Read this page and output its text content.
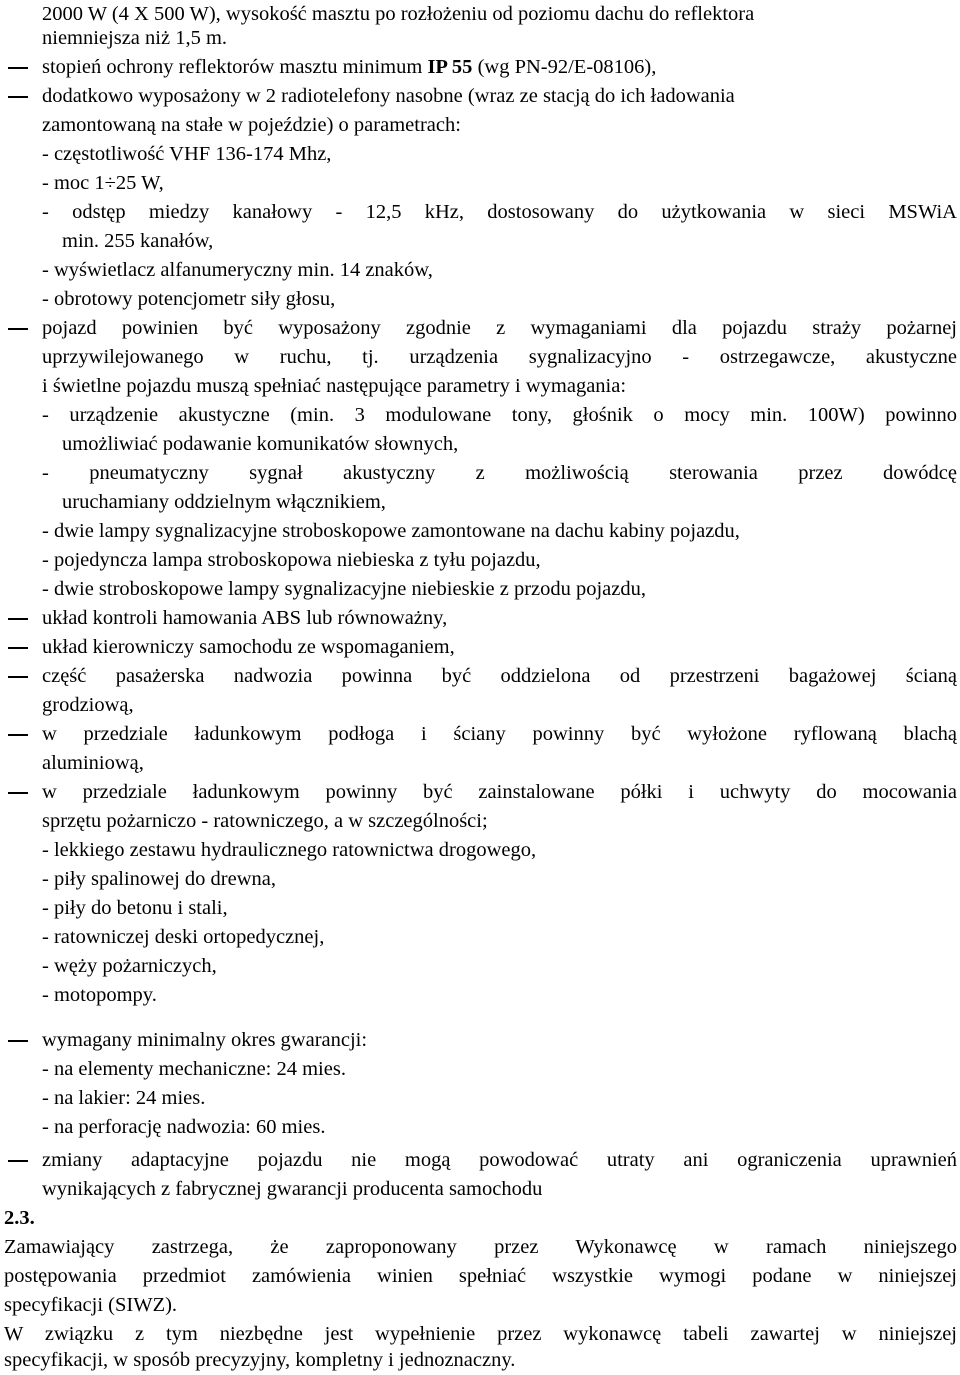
2000 W (4 X 500 W), wysokość masztu po rozłożeniu od poziomu dachu do reflektora
niemniejsza niż 1,5 m.
stopień ochrony reflektorów masztu minimum IP 55 (wg PN-92/E-08106),
dodatkowo wyposażony w 2 radiotelefony nasobne (wraz ze stacją do ich ładowania
zamontowaną na stałe w pojeździe) o parametrach:
- częstotliwość VHF 136-174 Mhz,
- moc 1÷25 W,
- odstęp miedzy kanałowy - 12,5 kHz, dostosowany do użytkowania w sieci MSWiA
min. 255 kanałów,
- wyświetlacz alfanumeryczny min. 14 znaków,
- obrotowy potencjometr siły głosu,
pojazd powinien być wyposażony zgodnie z wymaganiami dla pojazdu straży pożarnej
uprzywilejowanego w ruchu, tj. urządzenia sygnalizacyjno - ostrzegawcze, akustyczne
i świetlne pojazdu muszą spełniać następujące parametry i wymagania:
- urządzenie akustyczne (min. 3 modulowane tony, głośnik o mocy min. 100W) powinno
umożliwiać podawanie komunikatów słownych,
- pneumatyczny sygnał akustyczny z możliwością sterowania przez dowódcę
uruchamiany oddzielnym włącznikiem,
- dwie lampy sygnalizacyjne stroboskopowe zamontowane na dachu kabiny pojazdu,
- pojedyncza lampa stroboskopowa niebieska z tyłu pojazdu,
- dwie stroboskopowe lampy sygnalizacyjne niebieskie z przodu pojazdu,
układ kontroli hamowania ABS lub równoważny,
układ kierowniczy samochodu ze wspomaganiem,
część pasażerska nadwozia powinna być oddzielona od przestrzeni bagażowej ścianą
grodziową,
w przedziale ładunkowym podłoga i ściany powinny być wyłożone ryflowaną blachą
aluminiową,
w przedziale ładunkowym powinny być zainstalowane półki i uchwyty do mocowania
sprzętu pożarniczo - ratowniczego, a w szczególności;
- lekkiego zestawu hydraulicznego ratownictwa drogowego,
- piły spalinowej do drewna,
- piły do betonu i stali,
- ratowniczej deski ortopedycznej,
- węży pożarniczych,
- motopompy.
wymagany minimalny okres gwarancji:
- na elementy mechaniczne: 24 mies.
- na lakier: 24 mies.
- na perforację nadwozia: 60 mies.
zmiany adaptacyjne pojazdu nie mogą powodować utraty ani ograniczenia uprawnień
wynikających z fabrycznej gwarancji producenta samochodu
2.3.
Zamawiający zastrzega, że zaproponowany przez Wykonawcę w ramach niniejszego
postępowania przedmiot zamówienia winien spełniać wszystkie wymogi podane w niniejszej
specyfikacji (SIWZ).
W związku z tym niezbędne jest wypełnienie przez wykonawcę tabeli zawartej w niniejszej
specyfikacji, w sposób precyzyjny, kompletny i jednoznaczny.
